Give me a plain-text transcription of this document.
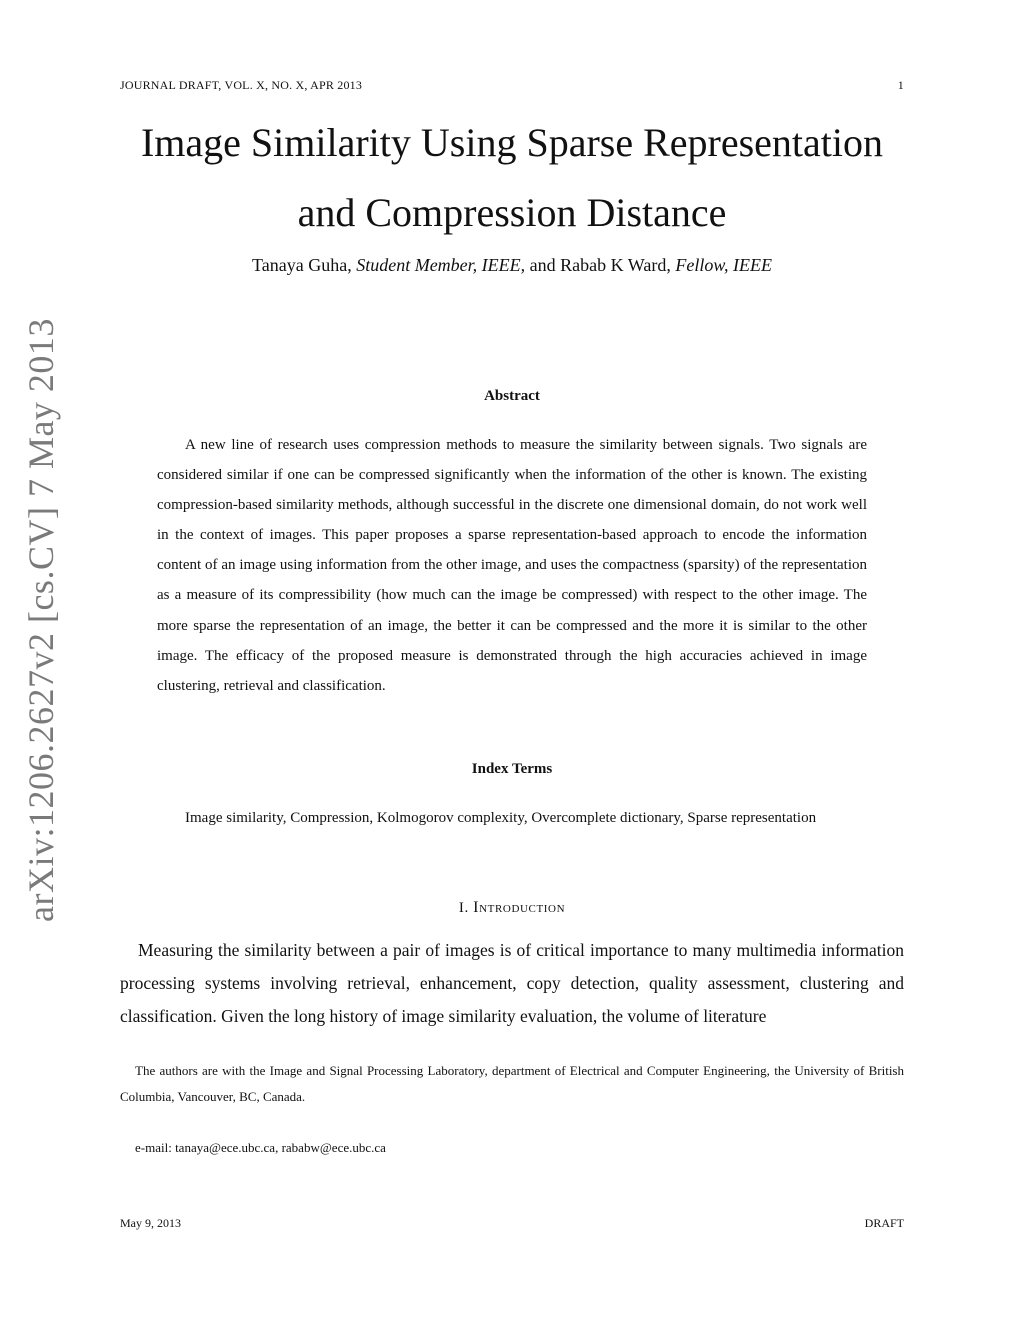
JOURNAL DRAFT, VOL. X, NO. X, APR 2013	1
arXiv:1206.2627v2 [cs.CV] 7 May 2013
Image Similarity Using Sparse Representation
and Compression Distance
Tanaya Guha, Student Member, IEEE, and Rabab K Ward, Fellow, IEEE
Abstract

A new line of research uses compression methods to measure the similarity between signals. Two signals are considered similar if one can be compressed significantly when the information of the other is known. The existing compression-based similarity methods, although successful in the discrete one dimensional domain, do not work well in the context of images. This paper proposes a sparse representation-based approach to encode the information content of an image using information from the other image, and uses the compactness (sparsity) of the representation as a measure of its compressibility (how much can the image be compressed) with respect to the other image. The more sparse the representation of an image, the better it can be compressed and the more it is similar to the other image. The efficacy of the proposed measure is demonstrated through the high accuracies achieved in image clustering, retrieval and classification.

Index Terms

Image similarity, Compression, Kolmogorov complexity, Overcomplete dictionary, Sparse representation

I. Introduction

Measuring the similarity between a pair of images is of critical importance to many multimedia information processing systems involving retrieval, enhancement, copy detection, quality assessment, clustering and classification. Given the long history of image similarity evaluation, the volume of literature

The authors are with the Image and Signal Processing Laboratory, department of Electrical and Computer Engineering, the University of British Columbia, Vancouver, BC, Canada.

e-mail: tanaya@ece.ubc.ca, rababw@ece.ubc.ca

May 9, 2013	DRAFT
